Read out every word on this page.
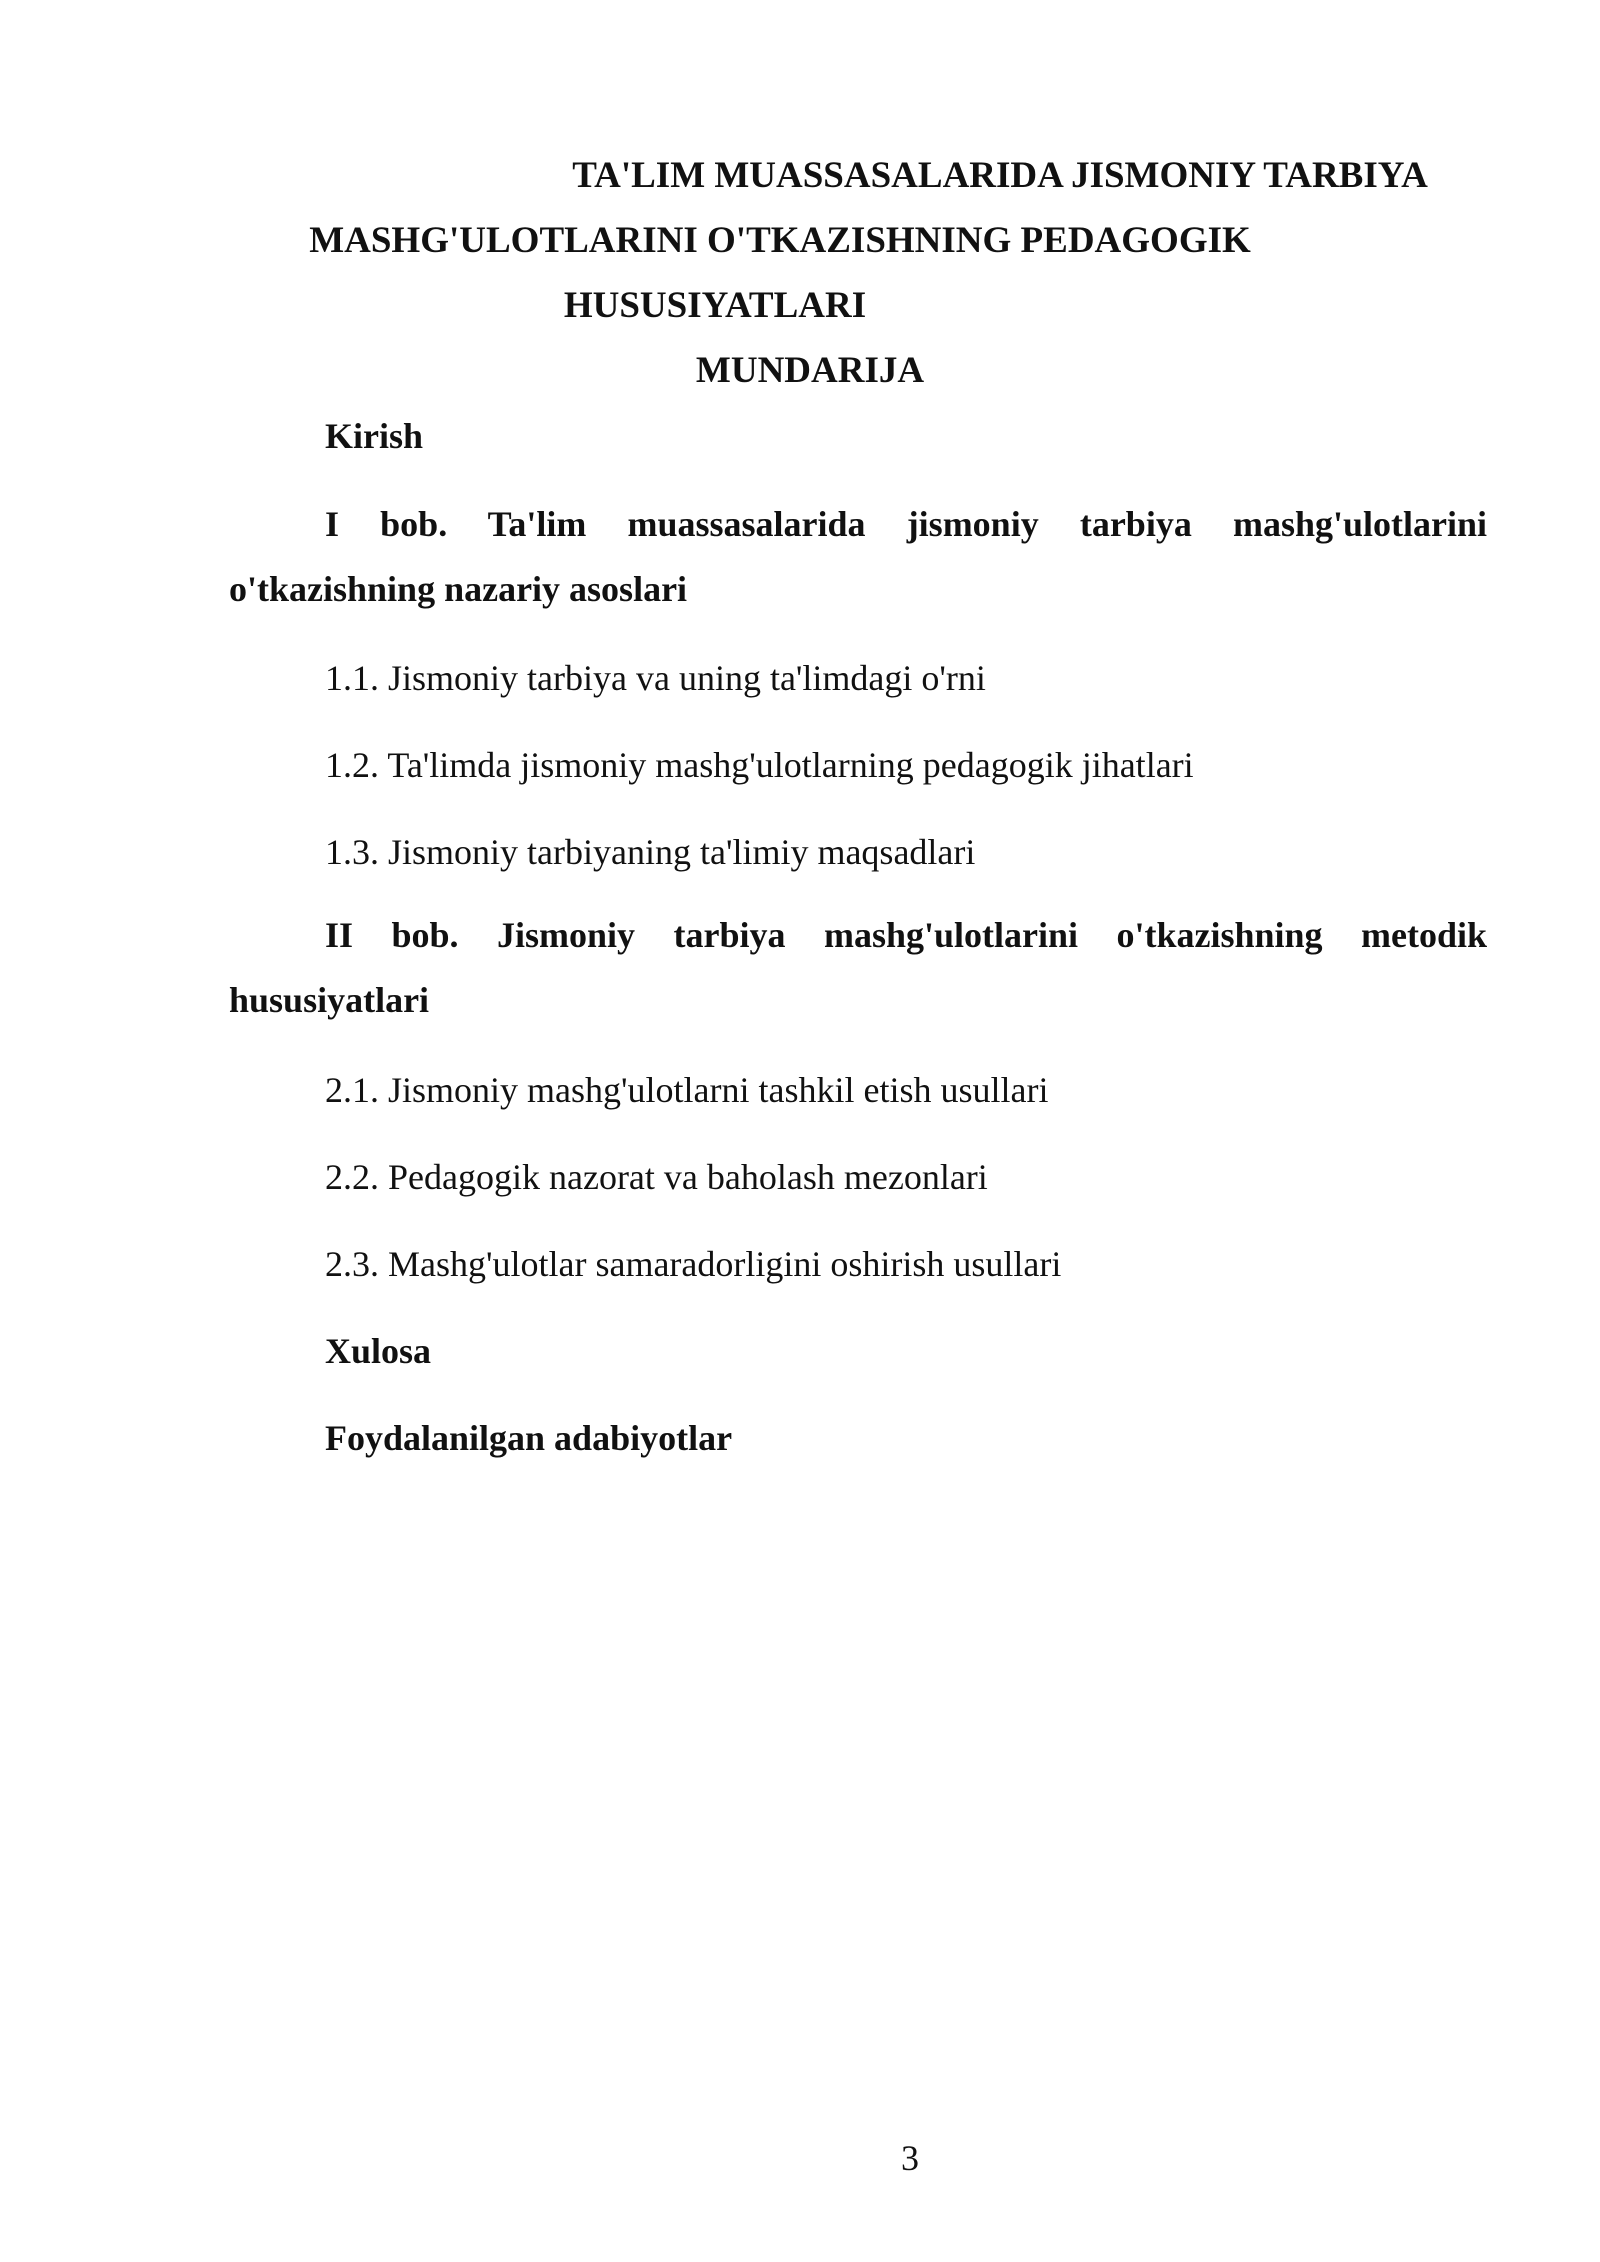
TA'LIM MUASSASALARIDA JISMONIY TARBIYA
MASHG'ULOTLARINI O'TKAZISHNING PEDAGOGIK
HUSUSIYATLARI
MUNDARIJA
Kirish
I bob. Ta'lim muassasalarida jismoniy tarbiya mashg'ulotlarini o'tkazishning nazariy asoslari
1.1. Jismoniy tarbiya va uning ta'limdagi o'rni
1.2. Ta'limda jismoniy mashg'ulotlarning pedagogik jihatlari
1.3. Jismoniy tarbiyaning ta'limiy maqsadlari
II bob. Jismoniy tarbiya mashg'ulotlarini o'tkazishning metodik hususiyatlari
2.1. Jismoniy mashg'ulotlarni tashkil etish usullari
2.2. Pedagogik nazorat va baholash mezonlari
2.3. Mashg'ulotlar samaradorligini oshirish usullari
Xulosa
Foydalanilgan adabiyotlar
3
